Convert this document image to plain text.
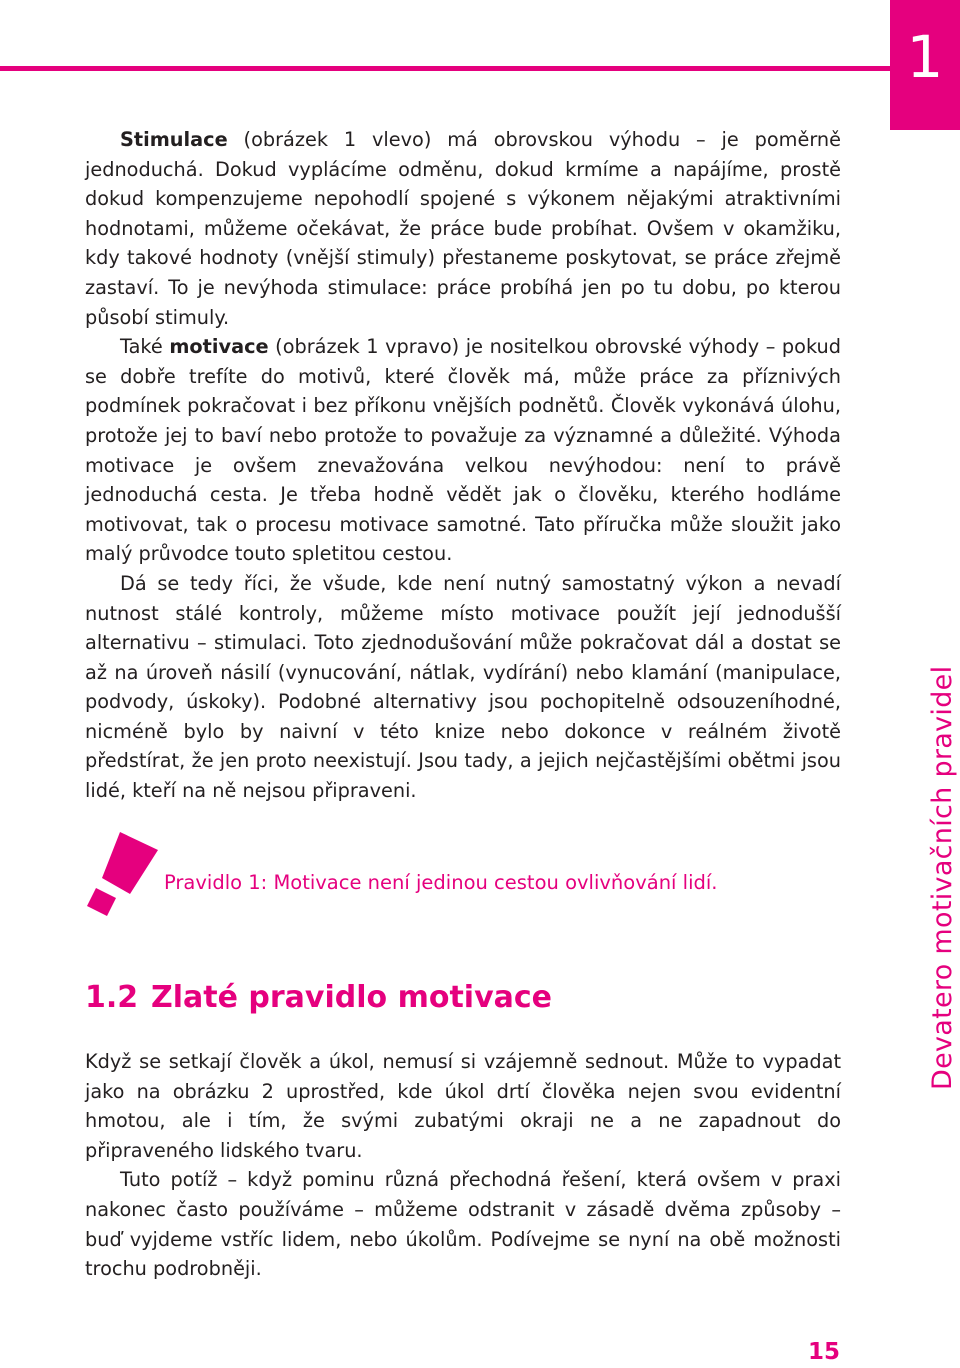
1
Devatero motivačních pravidel

Stimulace (obrázek 1 vlevo) má obrovskou výhodu – je poměrně jednoduchá. Dokud vyplácíme odměnu, dokud krmíme a napájíme, prostě dokud kompenzujeme nepohodlí spojené s výkonem nějakými atraktivními hodnotami, můžeme očekávat, že práce bude probíhat. Ovšem v okamžiku, kdy takové hodnoty (vnější stimuly) přestaneme poskytovat, se práce zřejmě zastaví. To je nevýhoda stimulace: práce probíhá jen po tu dobu, po kterou působí stimuly.

Také motivace (obrázek 1 vpravo) je nositelkou obrovské výhody – pokud se dobře trefíte do motivů, které člověk má, může práce za příznivých podmínek pokračovat i bez příkonu vnějších podnětů. Člověk vykonává úlohu, protože jej to baví nebo protože to považuje za významné a důležité. Výhoda motivace je ovšem znevažována velkou nevýhodou: není to právě jednoduchá cesta. Je třeba hodně vědět jak o člověku, kterého hodláme motivovat, tak o procesu motivace samotné. Tato příručka může sloužit jako malý průvodce touto spletitou cestou.

Dá se tedy říci, že všude, kde není nutný samostatný výkon a nevadí nutnost stálé kontroly, můžeme místo motivace použít její jednodušší alternativu – stimulaci. Toto zjednodušování může pokračovat dál a dostat se až na úroveň násilí (vynucování, nátlak, vydírání) nebo klamání (manipulace, podvody, úskoky). Podobné alternativy jsou pochopitelně odsouzeníhodné, nicméně bylo by naivní v této knize nebo dokonce v reálném životě předstírat, že jen proto neexistují. Jsou tady, a jejich nejčastějšími obětmi jsou lidé, kteří na ně nejsou připraveni.

Pravidlo 1: Motivace není jedinou cestou ovlivňování lidí.
1.2 Zlaté pravidlo motivace

Když se setkají člověk a úkol, nemusí si vzájemně sednout. Může to vypadat jako na obrázku 2 uprostřed, kde úkol drtí člověka nejen svou evidentní hmotou, ale i tím, že svými zubatými okraji ne a ne zapadnout do připraveného lidského tvaru.

Tuto potíž – když pominu různá přechodná řešení, která ovšem v praxi nakonec často používáme – můžeme odstranit v zásadě dvěma způsoby – buď vyjdeme vstříc lidem, nebo úkolům. Podívejme se nyní na obě možnosti trochu podrobněji.

15
